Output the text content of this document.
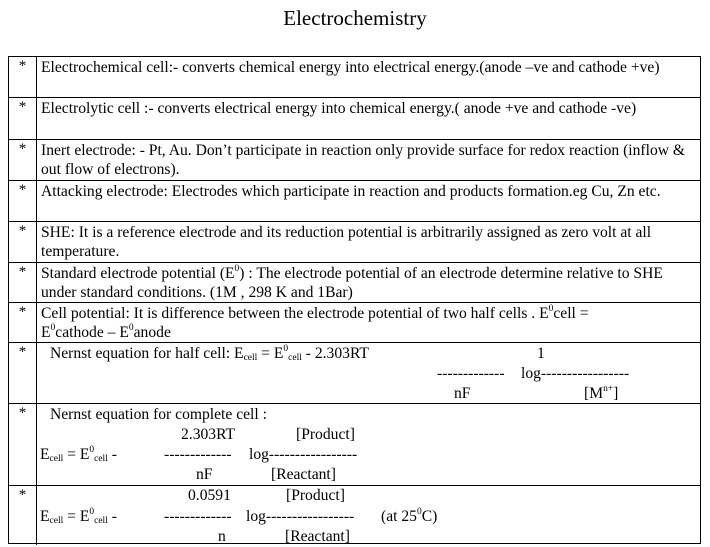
Electrochemistry
* Electrochemical cell:- converts chemical energy into electrical energy.(anode –ve and cathode +ve)
* Electrolytic cell :- converts electrical energy into chemical energy.( anode +ve and cathode -ve)
* Inert electrode: - Pt, Au. Don’t participate in reaction only provide surface for redox reaction (inflow & out flow of electrons).
* Attacking electrode: Electrodes which participate in reaction and products formation.eg Cu, Zn etc.
* SHE: It is a reference electrode and its reduction potential is arbitrarily assigned as zero volt at all temperature.
* Standard electrode potential $(E^0)$ : The electrode potential of an electrode determine relative to SHE under standard conditions. (1M , 298 K and 1Bar)
* Cell potential: It is difference between the electrode potential of two half cells . $E^0cell$ =
$E^0cathode$ – $E^0anode$
*	Nernst equation for half cell: $E_{cell} = E^0_{cell} - 2.303RT$	1
------------- log-----------------
nF	$[M^{n+}]$
*	Nernst equation for complete cell :
2.303RT	[Product]
$E_{cell} = E^0_{cell}$ -	------------- log-----------------
nF	[Reactant]
*	0.0591	[Product]
$E_{cell} = E^0_{cell}$ -	------------- log----------------- (at $25^0C$)
n	[Reactant]
